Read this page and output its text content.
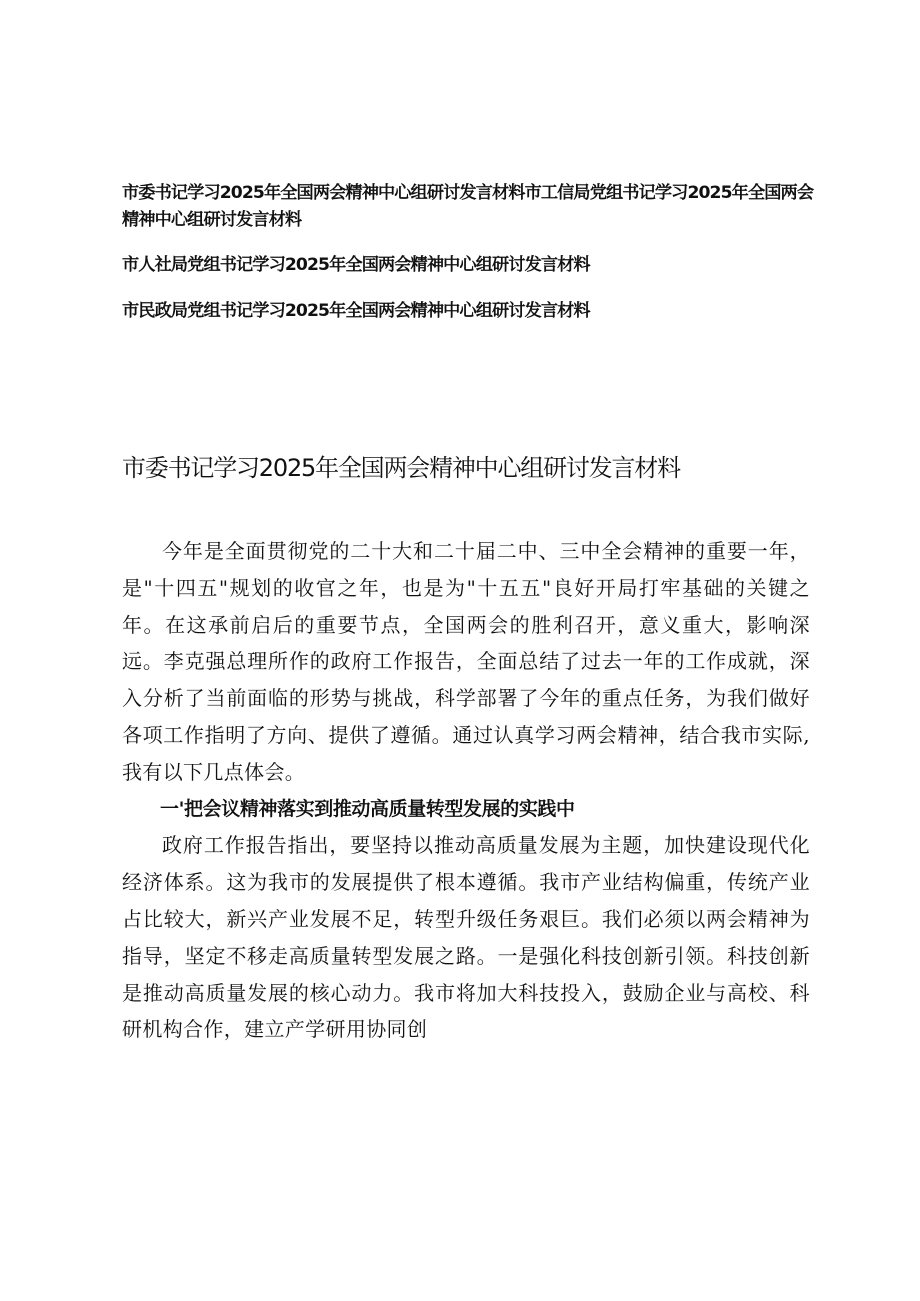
市委书记学习2025年全国两会精神中心组研讨发言材料市工信局党组书记学习2025年全国两会精神中心组研讨发言材料
市人社局党组书记学习2025年全国两会精神中心组研讨发言材料
市民政局党组书记学习2025年全国两会精神中心组研讨发言材料
市委书记学习2025年全国两会精神中心组研讨发言材料

今年是全面贯彻党的二十大和二十届二中、三中全会精神的重要一年，是"十四五"规划的收官之年，也是为"十五五"良好开局打牢基础的关键之年。在这承前启后的重要节点，全国两会的胜利召开，意义重大，影响深远。李克强总理所作的政府工作报告，全面总结了过去一年的工作成就，深入分析了当前面临的形势与挑战，科学部署了今年的重点任务，为我们做好各项工作指明了方向、提供了遵循。通过认真学习两会精神，结合我市实际,我有以下几点体会。

一'把会议精神落实到推动高质量转型发展的实践中

政府工作报告指出，要坚持以推动高质量发展为主题，加快建设现代化经济体系。这为我市的发展提供了根本遵循。我市产业结构偏重，传统产业占比较大，新兴产业发展不足，转型升级任务艰巨。我们必须以两会精神为指导，坚定不移走高质量转型发展之路。一是强化科技创新引领。科技创新是推动高质量发展的核心动力。我市将加大科技投入，鼓励企业与高校、科研机构合作，建立产学研用协同创
